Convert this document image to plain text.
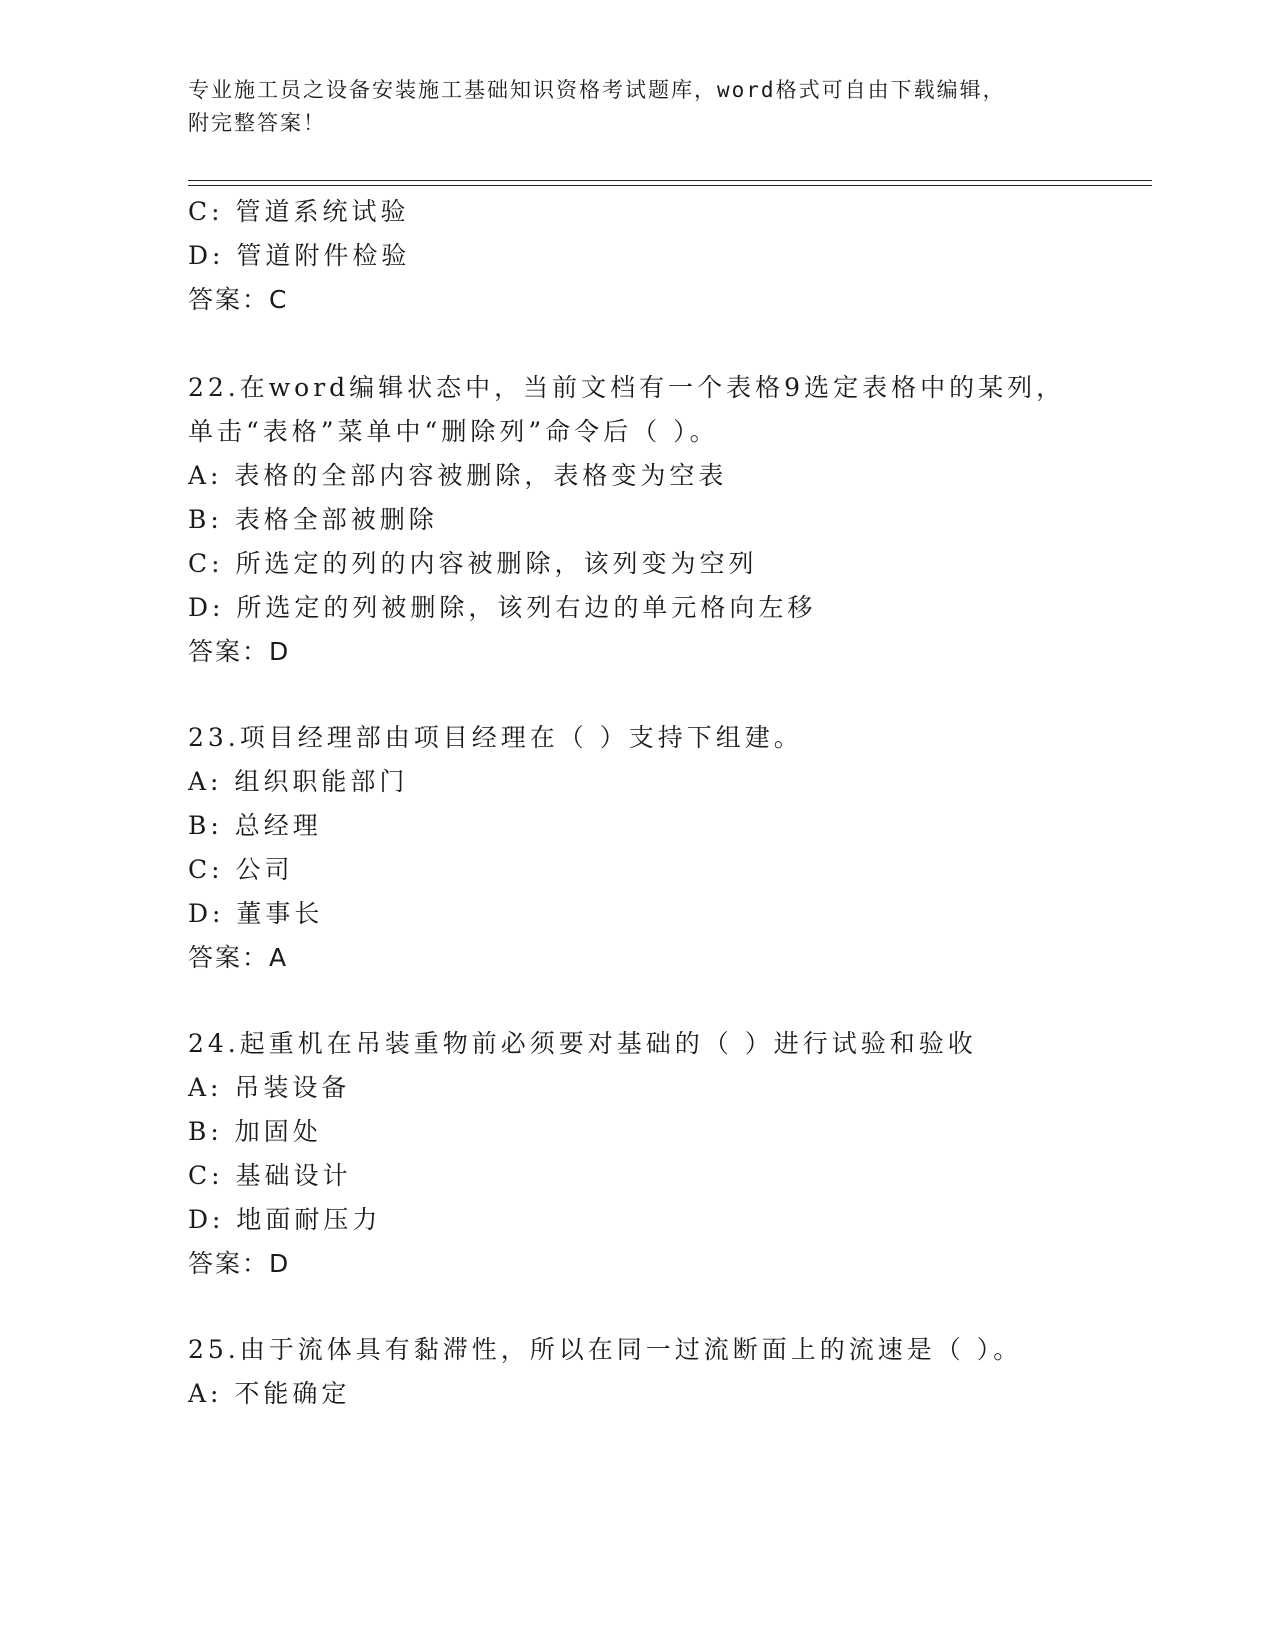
专业施工员之设备安装施工基础知识资格考试题库，word格式可自由下载编辑，
附完整答案！
C: 管道系统试验
D: 管道附件检验
答案：C
22.在word编辑状态中，当前文档有一个表格9选定表格中的某列，
单击“表格”菜单中“删除列”命令后（ ）。
A: 表格的全部内容被删除，表格变为空表
B: 表格全部被删除
C: 所选定的列的内容被删除，该列变为空列
D: 所选定的列被删除，该列右边的单元格向左移
答案：D
23.项目经理部由项目经理在（ ）支持下组建。
A: 组织职能部门
B: 总经理
C: 公司
D: 董事长
答案：A
24.起重机在吊装重物前必须要对基础的（ ）进行试验和验收
A: 吊装设备
B: 加固处
C: 基础设计
D: 地面耐压力
答案：D
25.由于流体具有黏滞性，所以在同一过流断面上的流速是（ ）。
A: 不能确定
